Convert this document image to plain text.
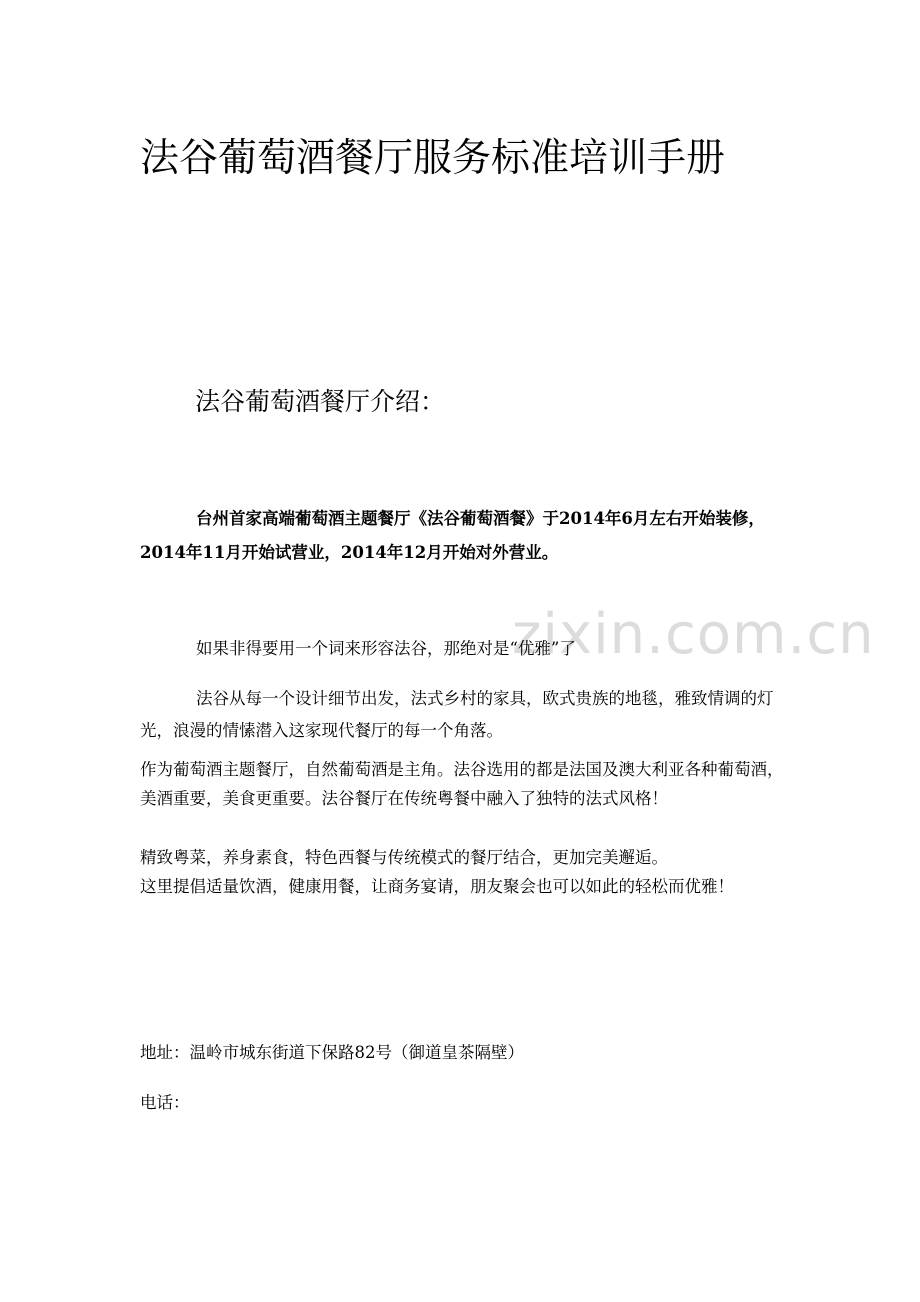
zixin.com.cn
法谷葡萄酒餐厅服务标准培训手册
法谷葡萄酒餐厅介绍：

台州首家高端葡萄酒主题餐厅《法谷葡萄酒餐》于2014年6月左右开始装修，2014年11月开始试营业，2014年12月开始对外营业。

如果非得要用一个词来形容法谷，那绝对是“优雅”了

法谷从每一个设计细节出发，法式乡村的家具，欧式贵族的地毯，雅致情调的灯光，浪漫的情愫潜入这家现代餐厅的每一个角落。

作为葡萄酒主题餐厅，自然葡萄酒是主角。法谷选用的都是法国及澳大利亚各种葡萄酒，美酒重要，美食更重要。法谷餐厅在传统粤餐中融入了独特的法式风格！

精致粤菜，养身素食，特色西餐与传统模式的餐厅结合，更加完美邂逅。

这里提倡适量饮酒，健康用餐，让商务宴请，朋友聚会也可以如此的轻松而优雅！

地址：温岭市城东街道下保路82号（御道皇茶隔壁）

电话：
